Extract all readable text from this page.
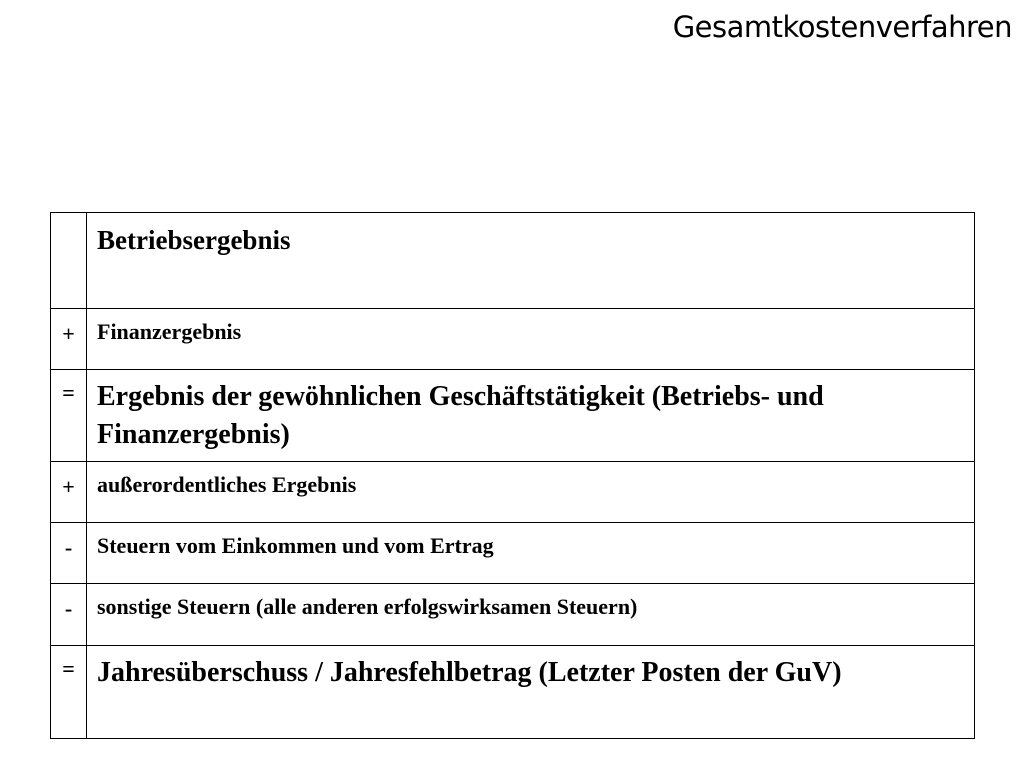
Gesamtkostenverfahren

	Betriebsergebnis

+	Finanzergebnis

=	Ergebnis der gewöhnlichen Geschäftstätigkeit (Betriebs- und Finanzergebnis)

+	außerordentliches Ergebnis

-	Steuern vom Einkommen und vom Ertrag

-	sonstige Steuern (alle anderen erfolgswirksamen Steuern)

=	Jahresüberschuss / Jahresfehlbetrag (Letzter Posten der GuV)
